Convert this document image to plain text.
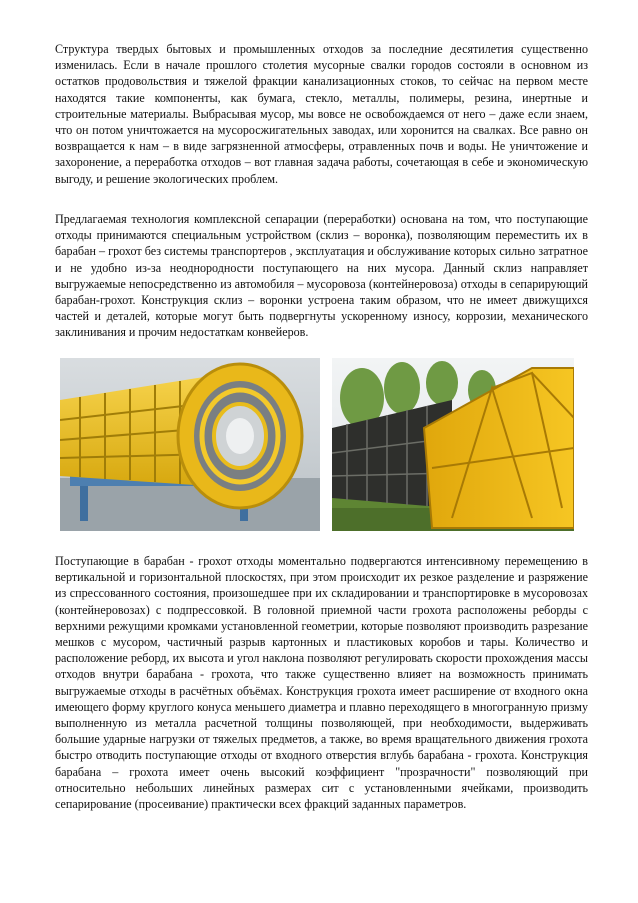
Структура твердых бытовых и промышленных отходов за последние десятилетия существенно изменилась. Если в начале прошлого столетия мусорные свалки городов состояли в основном из остатков продовольствия и тяжелой фракции канализационных стоков, то сейчас на первом месте находятся такие компоненты, как бумага, стекло, металлы, полимеры, резина, инертные и строительные материалы. Выбрасывая мусор, мы вовсе не освобождаемся от него – даже если знаем, что он потом уничтожается на мусоросжигательных заводах, или хоронится на свалках. Все равно он возвращается к нам – в виде загрязненной атмосферы, отравленных почв и воды. Не уничтожение и захоронение, а переработка отходов – вот главная задача работы, сочетающая в себе и экономическую выгоду, и решение экологических проблем.

Предлагаемая технология комплексной сепарации (переработки) основана на том, что поступающие отходы принимаются специальным устройством (склиз – воронка), позволяющим переместить их в барабан – грохот без системы транспортеров , эксплуатация и обслуживание которых сильно затратное и не удобно из-за неоднородности поступающего на них мусора. Данный склиз направляет выгружаемые непосредственно из автомобиля – мусоровоза (контейнеровоза) отходы в сепарирующий барабан-грохот. Конструкция склиз – воронки устроена таким образом, что не имеет движущихся частей и деталей, которые могут быть подвергнуты ускоренному износу, коррозии, механического заклинивания и прочим недостаткам конвейеров.

Поступающие в барабан - грохот отходы моментально подвергаются интенсивному перемещению в вертикальной и горизонтальной плоскостях, при этом происходит их резкое разделение и разряжение из спрессованного состояния, произошедшее при их складировании и транспортировке в мусоровозах (контейнеровозах) с подпрессовкой. В головной приемной части грохота расположены реборды с верхними режущими кромками установленной геометрии, которые позволяют производить разрезание мешков с мусором, частичный разрыв картонных и пластиковых коробов и тары. Количество и расположение реборд, их высота и угол наклона позволяют регулировать скорости прохождения массы отходов внутри барабана - грохота, что также существенно влияет на возможность принимать выгружаемые отходы в расчётных объёмах. Конструкция грохота имеет расширение от входного окна имеющего форму круглого конуса меньшего диаметра и плавно переходящего в многогранную призму выполненную из металла расчетной толщины позволяющей, при необходимости, выдерживать большие ударные нагрузки от тяжелых предметов, а также, во время вращательного движения грохота быстро отводить поступающие отходы от входного отверстия вглубь барабана - грохота. Конструкция барабана – грохота имеет очень высокий коэффициент "прозрачности" позволяющий при относительно небольших линейных размерах сит с установленными ячейками, производить сепарирование (просеивание) практически всех фракций заданных параметров.
